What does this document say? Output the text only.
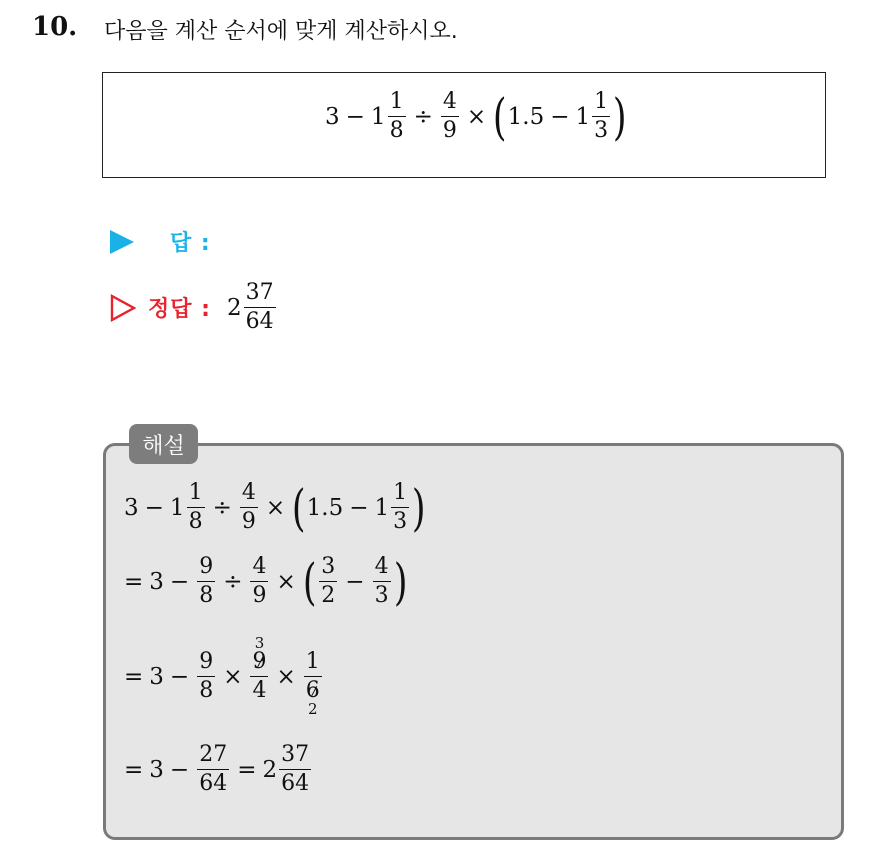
10. 다음을 계산 순서에 맞게 계산하시오.
$3 - 1 \frac{1}{8} \div \frac{4}{9}$ × ( $1.5 - 1 \frac{1}{3}$ )
답 :
정답 : $2 \frac{37}{64}$
해설
$3 - 1 \frac{1}{8} \div \frac{4}{9}$ × ( $1.5 - 1 \frac{1}{3}$ )
= $3 - \frac{9}{8} \div \frac{4}{9}$ × ( $\frac{3}{2} - \frac{4}{3}$ )
= $3 - \frac{9}{8}$ ×
3
$\frac{9}{4} \times \frac{1}{6}$
2
= $3 - \frac{27}{64} = 2 \frac{37}{64}$
